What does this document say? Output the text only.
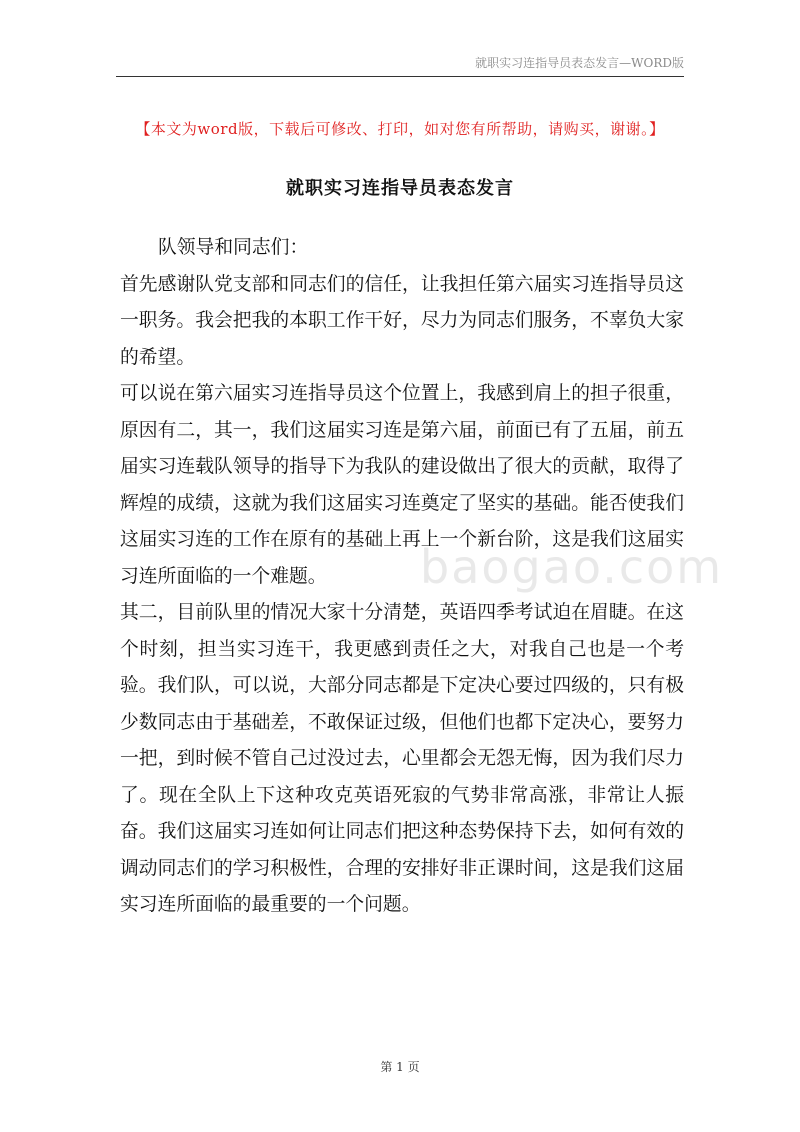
就职实习连指导员表态发言—WORD版
【本文为word版，下载后可修改、打印，如对您有所帮助，请购买，谢谢。】
就职实习连指导员表态发言
baogao.com

队领导和同志们：

首先感谢队党支部和同志们的信任，让我担任第六届实习连指导员这一职务。我会把我的本职工作干好，尽力为同志们服务，不辜负大家的希望。

可以说在第六届实习连指导员这个位置上，我感到肩上的担子很重，原因有二，其一，我们这届实习连是第六届，前面已有了五届，前五届实习连载队领导的指导下为我队的建设做出了很大的贡献，取得了辉煌的成绩，这就为我们这届实习连奠定了坚实的基础。能否使我们这届实习连的工作在原有的基础上再上一个新台阶，这是我们这届实习连所面临的一个难题。

其二，目前队里的情况大家十分清楚，英语四季考试迫在眉睫。在这个时刻，担当实习连干，我更感到责任之大，对我自己也是一个考验。我们队，可以说，大部分同志都是下定决心要过四级的，只有极少数同志由于基础差，不敢保证过级，但他们也都下定决心，要努力一把，到时候不管自己过没过去，心里都会无怨无悔，因为我们尽力了。现在全队上下这种攻克英语死寂的气势非常高涨，非常让人振奋。我们这届实习连如何让同志们把这种态势保持下去，如何有效的调动同志们的学习积极性，合理的安排好非正课时间，这是我们这届实习连所面临的最重要的一个问题。

第 1 页
